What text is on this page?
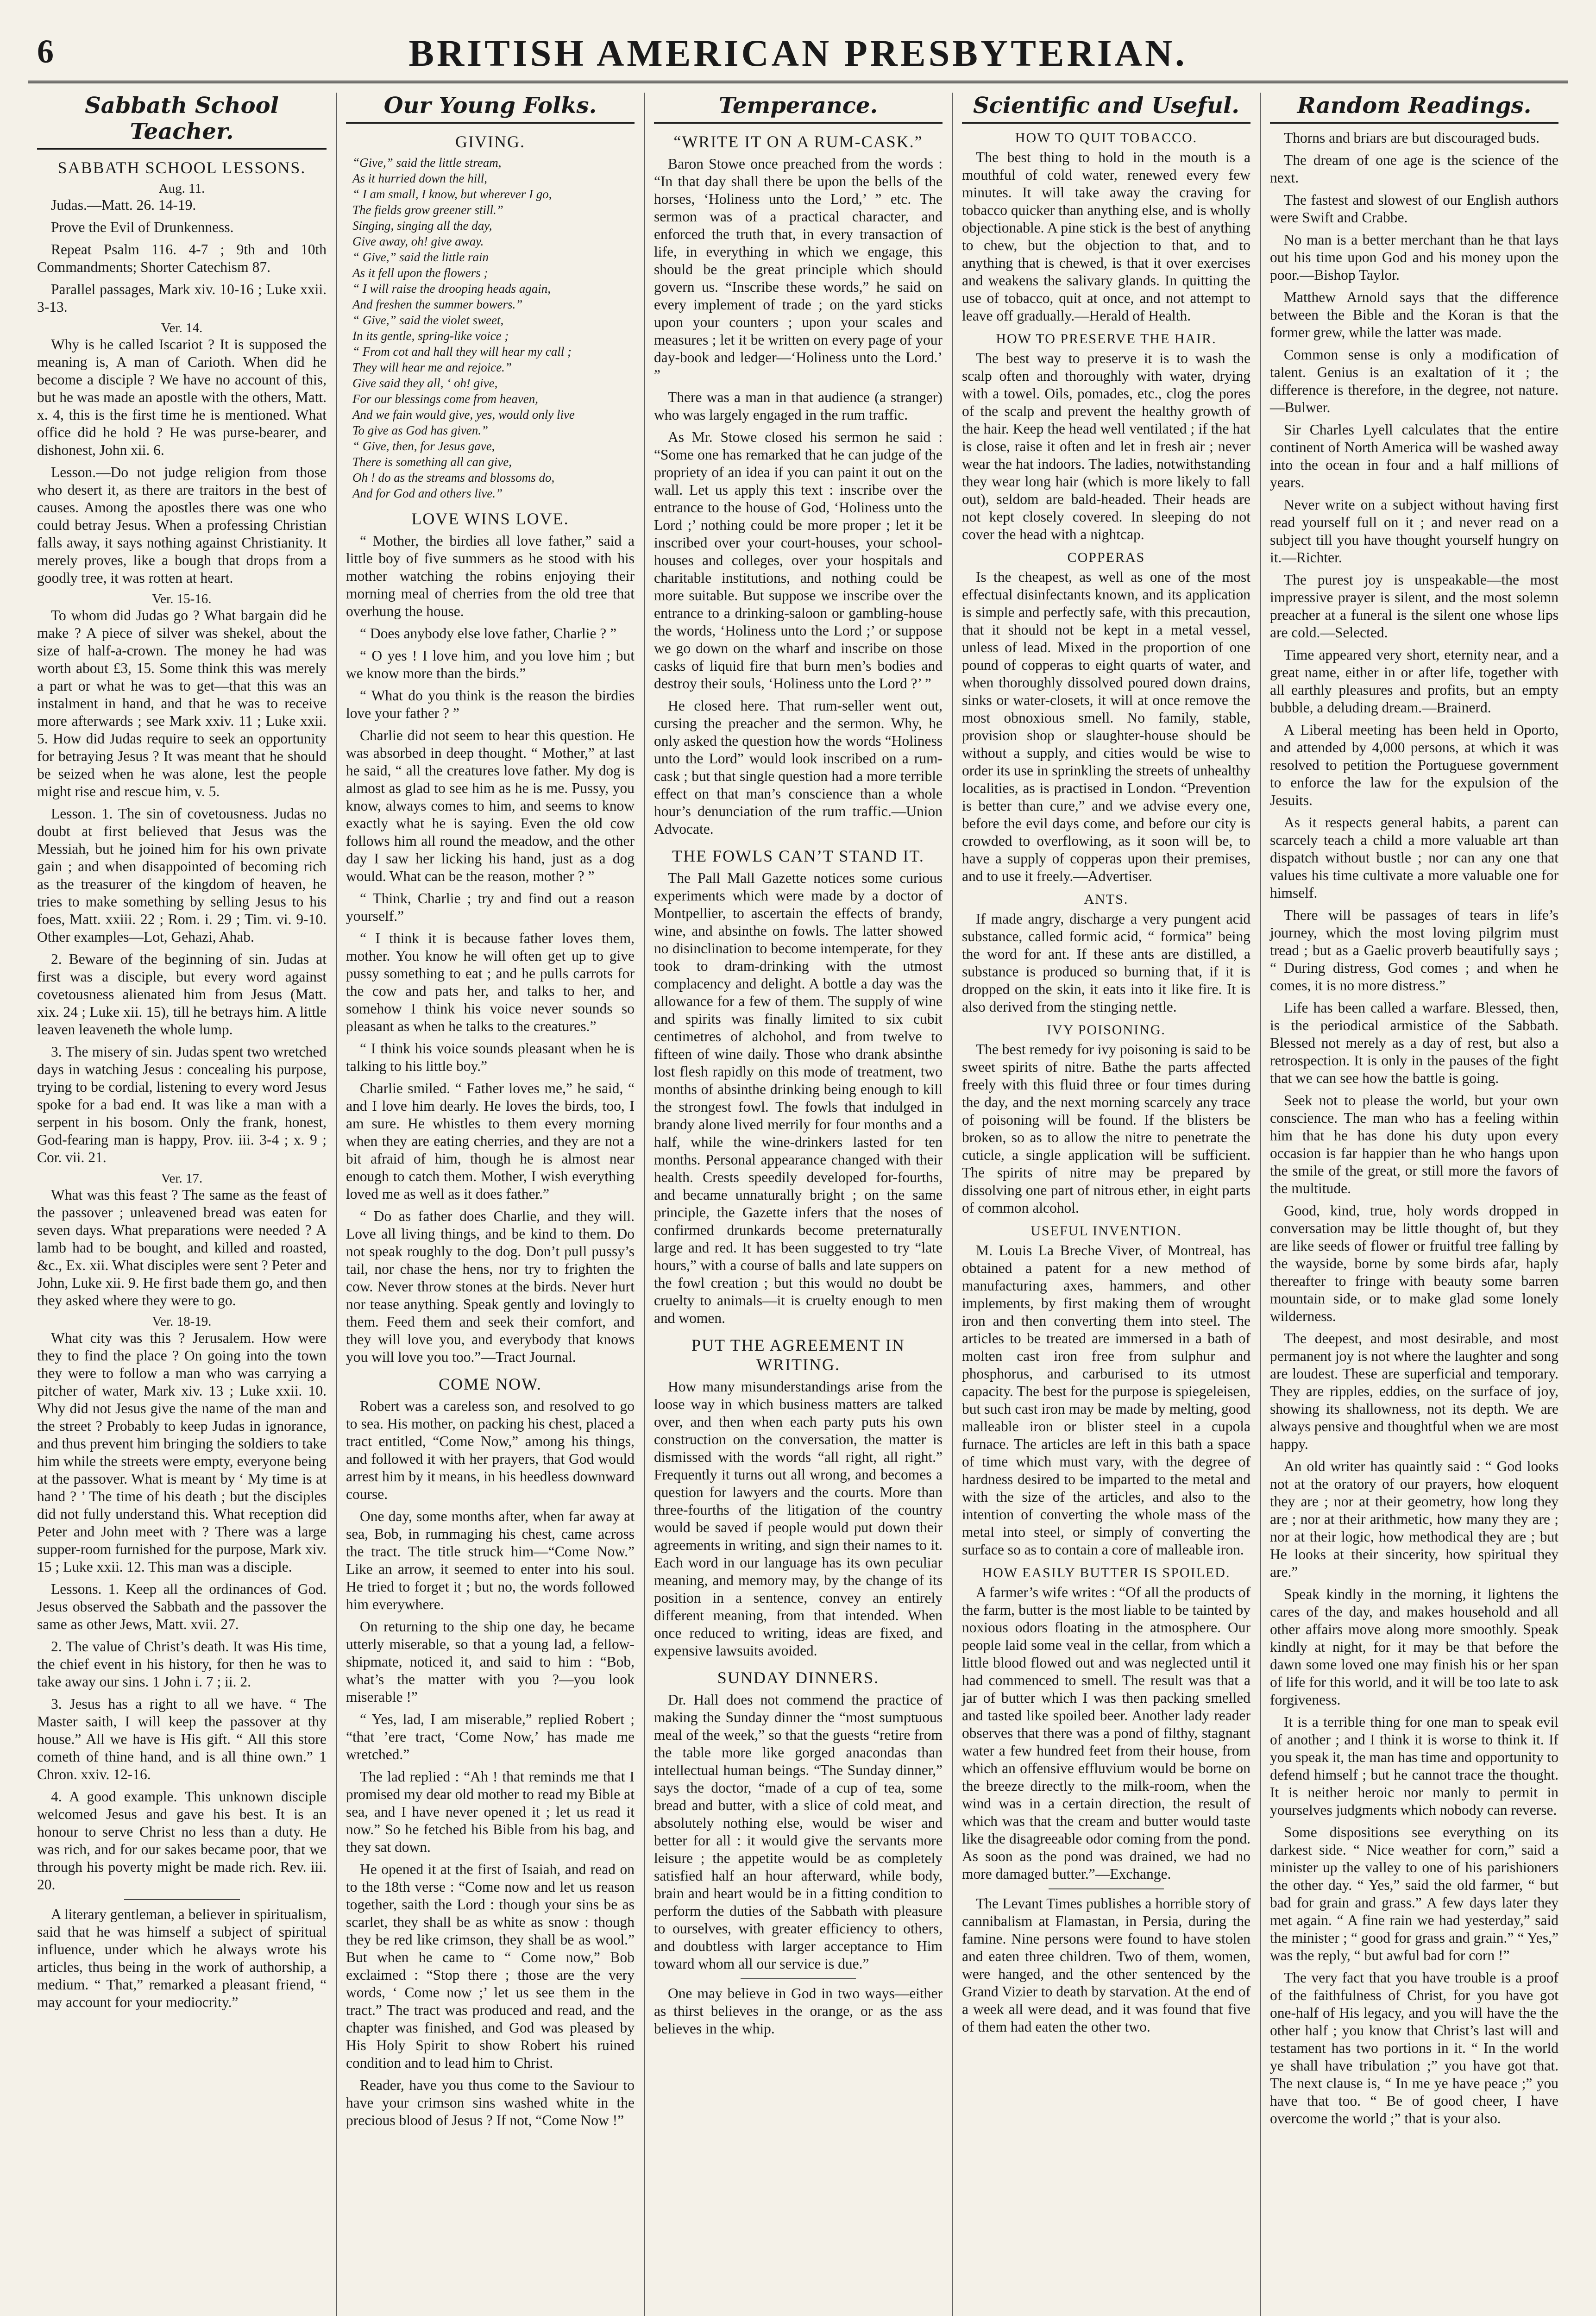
6	BRITISH AMERICAN PRESBYTERIAN.
Sabbath School Teacher.
SABBATH SCHOOL LESSONS.
Aug. 11.

Judas.—Matt. 26. 14-19.

Prove the Evil of Drunkenness.

Repeat Psalm 116. 4-7 ; 9th and 10th Commandments; Shorter Catechism 87.

Parallel passages, Mark xiv. 10-16 ; Luke xxii. 3-13.

Ver. 14.

Why is he called Iscariot ? It is supposed the meaning is, A man of Carioth. When did he become a disciple ? We have no account of this, but he was made an apostle with the others, Matt. x. 4, this is the first time he is mentioned. What office did he hold ? He was purse-bearer, and dishonest, John xii. 6.

Lesson.—Do not judge religion from those who desert it, as there are traitors in the best of causes. Among the apostles there was one who could betray Jesus. When a professing Christian falls away, it says nothing against Christianity. It merely proves, like a bough that drops from a goodly tree, it was rotten at heart.

Ver. 15-16.

To whom did Judas go ? What bargain did he make ? A piece of silver was shekel, about the size of half-a-crown. The money he had was worth about £3, 15. Some think this was merely a part or what he was to get—that this was an instalment in hand, and that he was to receive more afterwards ; see Mark xxiv. 11 ; Luke xxii. 5. How did Judas require to seek an opportunity for betraying Jesus ? It was meant that he should be seized when he was alone, lest the people might rise and rescue him, v. 5.

Lesson. 1. The sin of covetousness. Judas no doubt at first believed that Jesus was the Messiah, but he joined him for his own private gain ; and when disappointed of becoming rich as the treasurer of the kingdom of heaven, he tries to make something by selling Jesus to his foes, Matt. xxiii. 22 ; Rom. i. 29 ; Tim. vi. 9-10. Other examples—Lot, Gehazi, Ahab.

2. Beware of the beginning of sin. Judas at first was a disciple, but every word against covetousness alienated him from Jesus (Matt. xix. 24 ; Luke xii. 15), till he betrays him. A little leaven leaveneth the whole lump.

3. The misery of sin. Judas spent two wretched days in watching Jesus : concealing his purpose, trying to be cordial, listening to every word Jesus spoke for a bad end. It was like a man with a serpent in his bosom. Only the frank, honest, God-fearing man is happy, Prov. iii. 3-4 ; x. 9 ; Cor. vii. 21.

Ver. 17.

What was this feast ? The same as the feast of the passover ; unleavened bread was eaten for seven days. What preparations were needed ? A lamb had to be bought, and killed and roasted, &c., Ex. xii. What disciples were sent ? Peter and John, Luke xii. 9. He first bade them go, and then they asked where they were to go.

Ver. 18-19.

What city was this ? Jerusalem. How were they to find the place ? On going into the town they were to follow a man who was carrying a pitcher of water, Mark xiv. 13 ; Luke xxii. 10. Why did not Jesus give the name of the man and the street ? Probably to keep Judas in ignorance, and thus prevent him bringing the soldiers to take him while the streets were empty, everyone being at the passover. What is meant by ‘ My time is at hand ? ’ The time of his death ; but the disciples did not fully understand this. What reception did Peter and John meet with ? There was a large supper-room furnished for the purpose, Mark xiv. 15 ; Luke xxii. 12. This man was a disciple.

Lessons. 1. Keep all the ordinances of God. Jesus observed the Sabbath and the passover the same as other Jews, Matt. xvii. 27.

2. The value of Christ’s death. It was His time, the chief event in his history, for then he was to take away our sins. 1 John i. 7 ; ii. 2.

3. Jesus has a right to all we have. “ The Master saith, I will keep the passover at thy house.” All we have is His gift. “ All this store cometh of thine hand, and is all thine own.” 1 Chron. xxiv. 12-16.

4. A good example. This unknown disciple welcomed Jesus and gave his best. It is an honour to serve Christ no less than a duty. He was rich, and for our sakes became poor, that we through his poverty might be made rich. Rev. iii. 20.

A literary gentleman, a believer in spiritualism, said that he was himself a subject of spiritual influence, under which he always wrote his articles, thus being in the work of authorship, a medium. “ That,” remarked a pleasant friend, “ may account for your mediocrity.”

Our Young Folks.
GIVING.

“Give,” said the little stream,

As it hurried down the hill,

“ I am small, I know, but wherever I go,

The fields grow greener still.”

Singing, singing all the day,

Give away, oh! give away.

“ Give,” said the little rain

As it fell upon the flowers ;

“ I will raise the drooping heads again,

And freshen the summer bowers.”

“ Give,” said the violet sweet,

In its gentle, spring-like voice ;

“ From cot and hall they will hear my call ;

They will hear me and rejoice.”

Give said they all, ‘ oh! give,

For our blessings come from heaven,

And we fain would give, yes, would only live

To give as God has given.”

“ Give, then, for Jesus gave,

There is something all can give,

Oh ! do as the streams and blossoms do,

And for God and others live.”

LOVE WINS LOVE.

“ Mother, the birdies all love father,” said a little boy of five summers as he stood with his mother watching the robins enjoying their morning meal of cherries from the old tree that overhung the house.

“ Does anybody else love father, Charlie ? ”

“ O yes ! I love him, and you love him ; but we know more than the birds.”

“ What do you think is the reason the birdies love your father ? ”

Charlie did not seem to hear this question. He was absorbed in deep thought. “ Mother,” at last he said, “ all the creatures love father. My dog is almost as glad to see him as he is me. Pussy, you know, always comes to him, and seems to know exactly what he is saying. Even the old cow follows him all round the meadow, and the other day I saw her licking his hand, just as a dog would. What can be the reason, mother ? ”

“ Think, Charlie ; try and find out a reason yourself.”

“ I think it is because father loves them, mother. You know he will often get up to give pussy something to eat ; and he pulls carrots for the cow and pats her, and talks to her, and somehow I think his voice never sounds so pleasant as when he talks to the creatures.”

“ I think his voice sounds pleasant when he is talking to his little boy.”

Charlie smiled. “ Father loves me,” he said, “ and I love him dearly. He loves the birds, too, I am sure. He whistles to them every morning when they are eating cherries, and they are not a bit afraid of him, though he is almost near enough to catch them. Mother, I wish everything loved me as well as it does father.”

“ Do as father does Charlie, and they will. Love all living things, and be kind to them. Do not speak roughly to the dog. Don’t pull pussy’s tail, nor chase the hens, nor try to frighten the cow. Never throw stones at the birds. Never hurt nor tease anything. Speak gently and lovingly to them. Feed them and seek their comfort, and they will love you, and everybody that knows you will love you too.”—Tract Journal.

COME NOW.

Robert was a careless son, and resolved to go to sea. His mother, on packing his chest, placed a tract entitled, “Come Now,” among his things, and followed it with her prayers, that God would arrest him by it means, in his heedless downward course.

One day, some months after, when far away at sea, Bob, in rummaging his chest, came across the tract. The title struck him—“Come Now.” Like an arrow, it seemed to enter into his soul. He tried to forget it ; but no, the words followed him everywhere.

On returning to the ship one day, he became utterly miserable, so that a young lad, a fellow-shipmate, noticed it, and said to him : “Bob, what’s the matter with you ?—you look miserable !”

“ Yes, lad, I am miserable,” replied Robert ; “that ’ere tract, ‘Come Now,’ has made me wretched.”

The lad replied : “Ah ! that reminds me that I promised my dear old mother to read my Bible at sea, and I have never opened it ; let us read it now.” So he fetched his Bible from his bag, and they sat down.

He opened it at the first of Isaiah, and read on to the 18th verse : “Come now and let us reason together, saith the Lord : though your sins be as scarlet, they shall be as white as snow : though they be red like crimson, they shall be as wool.” But when he came to “ Come now,” Bob exclaimed : “Stop there ; those are the very words, ‘ Come now ;’ let us see them in the tract.” The tract was produced and read, and the chapter was finished, and God was pleased by His Holy Spirit to show Robert his ruined condition and to lead him to Christ.

Reader, have you thus come to the Saviour to have your crimson sins washed white in the precious blood of Jesus ? If not, “Come Now !”

Temperance.
“WRITE IT ON A RUM-CASK.”

Baron Stowe once preached from the words : “In that day shall there be upon the bells of the horses, ‘Holiness unto the Lord,’ ” etc. The sermon was of a practical character, and enforced the truth that, in every transaction of life, in everything in which we engage, this should be the great principle which should govern us. “Inscribe these words,” he said on every implement of trade ; on the yard sticks upon your counters ; upon your scales and measures ; let it be written on every page of your day-book and ledger—‘Holiness unto the Lord.’ ”

There was a man in that audience (a stranger) who was largely engaged in the rum traffic.

As Mr. Stowe closed his sermon he said : “Some one has remarked that he can judge of the propriety of an idea if you can paint it out on the wall. Let us apply this text : inscribe over the entrance to the house of God, ‘Holiness unto the Lord ;’ nothing could be more proper ; let it be inscribed over your court-houses, your school-houses and colleges, over your hospitals and charitable institutions, and nothing could be more suitable. But suppose we inscribe over the entrance to a drinking-saloon or gambling-house the words, ‘Holiness unto the Lord ;’ or suppose we go down on the wharf and inscribe on those casks of liquid fire that burn men’s bodies and destroy their souls, ‘Holiness unto the Lord ?’ ”

He closed here. That rum-seller went out, cursing the preacher and the sermon. Why, he only asked the question how the words “Holiness unto the Lord” would look inscribed on a rum-cask ; but that single question had a more terrible effect on that man’s conscience than a whole hour’s denunciation of the rum traffic.—Union Advocate.

THE FOWLS CAN’T STAND IT.

The Pall Mall Gazette notices some curious experiments which were made by a doctor of Montpellier, to ascertain the effects of brandy, wine, and absinthe on fowls. The latter showed no disinclination to become intemperate, for they took to dram-drinking with the utmost complacency and delight. A bottle a day was the allowance for a few of them. The supply of wine and spirits was finally limited to six cubit centimetres of alchohol, and from twelve to fifteen of wine daily. Those who drank absinthe lost flesh rapidly on this mode of treatment, two months of absinthe drinking being enough to kill the strongest fowl. The fowls that indulged in brandy alone lived merrily for four months and a half, while the wine-drinkers lasted for ten months. Personal appearance changed with their health. Crests speedily developed for-fourths, and became unnaturally bright ; on the same principle, the Gazette infers that the noses of confirmed drunkards become preternaturally large and red. It has been suggested to try “late hours,” with a course of balls and late suppers on the fowl creation ; but this would no doubt be cruelty to animals—it is cruelty enough to men and women.

PUT THE AGREEMENT IN WRITING.

How many misunderstandings arise from the loose way in which business matters are talked over, and then when each party puts his own construction on the conversation, the matter is dismissed with the words “all right, all right.” Frequently it turns out all wrong, and becomes a question for lawyers and the courts. More than three-fourths of the litigation of the country would be saved if people would put down their agreements in writing, and sign their names to it. Each word in our language has its own peculiar meaning, and memory may, by the change of its position in a sentence, convey an entirely different meaning, from that intended. When once reduced to writing, ideas are fixed, and expensive lawsuits avoided.

SUNDAY DINNERS.

Dr. Hall does not commend the practice of making the Sunday dinner the “most sumptuous meal of the week,” so that the guests “retire from the table more like gorged anacondas than intellectual human beings. “The Sunday dinner,” says the doctor, “made of a cup of tea, some bread and butter, with a slice of cold meat, and absolutely nothing else, would be wiser and better for all : it would give the servants more leisure ; the appetite would be as completely satisfied half an hour afterward, while body, brain and heart would be in a fitting condition to perform the duties of the Sabbath with pleasure to ourselves, with greater efficiency to others, and doubtless with larger acceptance to Him toward whom all our service is due.”

One may believe in God in two ways—either as thirst believes in the orange, or as the ass believes in the whip.

Scientific and Useful.
HOW TO QUIT TOBACCO.

The best thing to hold in the mouth is a mouthful of cold water, renewed every few minutes. It will take away the craving for tobacco quicker than anything else, and is wholly objectionable. A pine stick is the best of anything to chew, but the objection to that, and to anything that is chewed, is that it over exercises and weakens the salivary glands. In quitting the use of tobacco, quit at once, and not attempt to leave off gradually.—Herald of Health.

HOW TO PRESERVE THE HAIR.

The best way to preserve it is to wash the scalp often and thoroughly with water, drying with a towel. Oils, pomades, etc., clog the pores of the scalp and prevent the healthy growth of the hair. Keep the head well ventilated ; if the hat is close, raise it often and let in fresh air ; never wear the hat indoors. The ladies, notwithstanding they wear long hair (which is more likely to fall out), seldom are bald-headed. Their heads are not kept closely covered. In sleeping do not cover the head with a nightcap.

COPPERAS

Is the cheapest, as well as one of the most effectual disinfectants known, and its application is simple and perfectly safe, with this precaution, that it should not be kept in a metal vessel, unless of lead. Mixed in the proportion of one pound of copperas to eight quarts of water, and when thoroughly dissolved poured down drains, sinks or water-closets, it will at once remove the most obnoxious smell. No family, stable, provision shop or slaughter-house should be without a supply, and cities would be wise to order its use in sprinkling the streets of unhealthy localities, as is practised in London. “Prevention is better than cure,” and we advise every one, before the evil days come, and before our city is crowded to overflowing, as it soon will be, to have a supply of copperas upon their premises, and to use it freely.—Advertiser.

ANTS.

If made angry, discharge a very pungent acid substance, called formic acid, “ formica” being the word for ant. If these ants are distilled, a substance is produced so burning that, if it is dropped on the skin, it eats into it like fire. It is also derived from the stinging nettle.

IVY POISONING.

The best remedy for ivy poisoning is said to be sweet spirits of nitre. Bathe the parts affected freely with this fluid three or four times during the day, and the next morning scarcely any trace of poisoning will be found. If the blisters be broken, so as to allow the nitre to penetrate the cuticle, a single application will be sufficient. The spirits of nitre may be prepared by dissolving one part of nitrous ether, in eight parts of common alcohol.

USEFUL INVENTION.

M. Louis La Breche Viver, of Montreal, has obtained a patent for a new method of manufacturing axes, hammers, and other implements, by first making them of wrought iron and then converting them into steel. The articles to be treated are immersed in a bath of molten cast iron free from sulphur and phosphorus, and carburised to its utmost capacity. The best for the purpose is spiegeleisen, but such cast iron may be made by melting, good malleable iron or blister steel in a cupola furnace. The articles are left in this bath a space of time which must vary, with the degree of hardness desired to be imparted to the metal and with the size of the articles, and also to the intention of converting the whole mass of the metal into steel, or simply of converting the surface so as to contain a core of malleable iron.

HOW EASILY BUTTER IS SPOILED.

A farmer’s wife writes : “Of all the products of the farm, butter is the most liable to be tainted by noxious odors floating in the atmosphere. Our people laid some veal in the cellar, from which a little blood flowed out and was neglected until it had commenced to smell. The result was that a jar of butter which I was then packing smelled and tasted like spoiled beer. Another lady reader observes that there was a pond of filthy, stagnant water a few hundred feet from their house, from which an offensive effluvium would be borne on the breeze directly to the milk-room, when the wind was in a certain direction, the result of which was that the cream and butter would taste like the disagreeable odor coming from the pond. As soon as the pond was drained, we had no more damaged butter.”—Exchange.

The Levant Times publishes a horrible story of cannibalism at Flamastan, in Persia, during the famine. Nine persons were found to have stolen and eaten three children. Two of them, women, were hanged, and the other sentenced by the Grand Vizier to death by starvation. At the end of a week all were dead, and it was found that five of them had eaten the other two.

Random Readings.

Thorns and briars are but discouraged buds.

The dream of one age is the science of the next.

The fastest and slowest of our English authors were Swift and Crabbe.

No man is a better merchant than he that lays out his time upon God and his money upon the poor.—Bishop Taylor.

Matthew Arnold says that the difference between the Bible and the Koran is that the former grew, while the latter was made.

Common sense is only a modification of talent. Genius is an exaltation of it ; the difference is therefore, in the degree, not nature.—Bulwer.

Sir Charles Lyell calculates that the entire continent of North America will be washed away into the ocean in four and a half millions of years.

Never write on a subject without having first read yourself full on it ; and never read on a subject till you have thought yourself hungry on it.—Richter.

The purest joy is unspeakable—the most impressive prayer is silent, and the most solemn preacher at a funeral is the silent one whose lips are cold.—Selected.

Time appeared very short, eternity near, and a great name, either in or after life, together with all earthly pleasures and profits, but an empty bubble, a deluding dream.—Brainerd.

A Liberal meeting has been held in Oporto, and attended by 4,000 persons, at which it was resolved to petition the Portuguese government to enforce the law for the expulsion of the Jesuits.

As it respects general habits, a parent can scarcely teach a child a more valuable art than dispatch without bustle ; nor can any one that values his time cultivate a more valuable one for himself.

There will be passages of tears in life’s journey, which the most loving pilgrim must tread ; but as a Gaelic proverb beautifully says ; “ During distress, God comes ; and when he comes, it is no more distress.”

Life has been called a warfare. Blessed, then, is the periodical armistice of the Sabbath. Blessed not merely as a day of rest, but also a retrospection. It is only in the pauses of the fight that we can see how the battle is going.

Seek not to please the world, but your own conscience. The man who has a feeling within him that he has done his duty upon every occasion is far happier than he who hangs upon the smile of the great, or still more the favors of the multitude.

Good, kind, true, holy words dropped in conversation may be little thought of, but they are like seeds of flower or fruitful tree falling by the wayside, borne by some birds afar, haply thereafter to fringe with beauty some barren mountain side, or to make glad some lonely wilderness.

The deepest, and most desirable, and most permanent joy is not where the laughter and song are loudest. These are superficial and temporary. They are ripples, eddies, on the surface of joy, showing its shallowness, not its depth. We are always pensive and thoughtful when we are most happy.

An old writer has quaintly said : “ God looks not at the oratory of our prayers, how eloquent they are ; nor at their geometry, how long they are ; nor at their arithmetic, how many they are ; nor at their logic, how methodical they are ; but He looks at their sincerity, how spiritual they are.”

Speak kindly in the morning, it lightens the cares of the day, and makes household and all other affairs move along more smoothly. Speak kindly at night, for it may be that before the dawn some loved one may finish his or her span of life for this world, and it will be too late to ask forgiveness.

It is a terrible thing for one man to speak evil of another ; and I think it is worse to think it. If you speak it, the man has time and opportunity to defend himself ; but he cannot trace the thought. It is neither heroic nor manly to permit in yourselves judgments which nobody can reverse.

Some dispositions see everything on its darkest side. “ Nice weather for corn,” said a minister up the valley to one of his parishioners the other day. “ Yes,” said the old farmer, “ but bad for grain and grass.” A few days later they met again. “ A fine rain we had yesterday,” said the minister ; “ good for grass and grain.” “ Yes,” was the reply, “ but awful bad for corn !”

The very fact that you have trouble is a proof of the faithfulness of Christ, for you have got one-half of His legacy, and you will have the the other half ; you know that Christ’s last will and testament has two portions in it. “ In the world ye shall have tribulation ;” you have got that. The next clause is, “ In me ye have peace ;” you have that too. “ Be of good cheer, I have overcome the world ;” that is your also.
